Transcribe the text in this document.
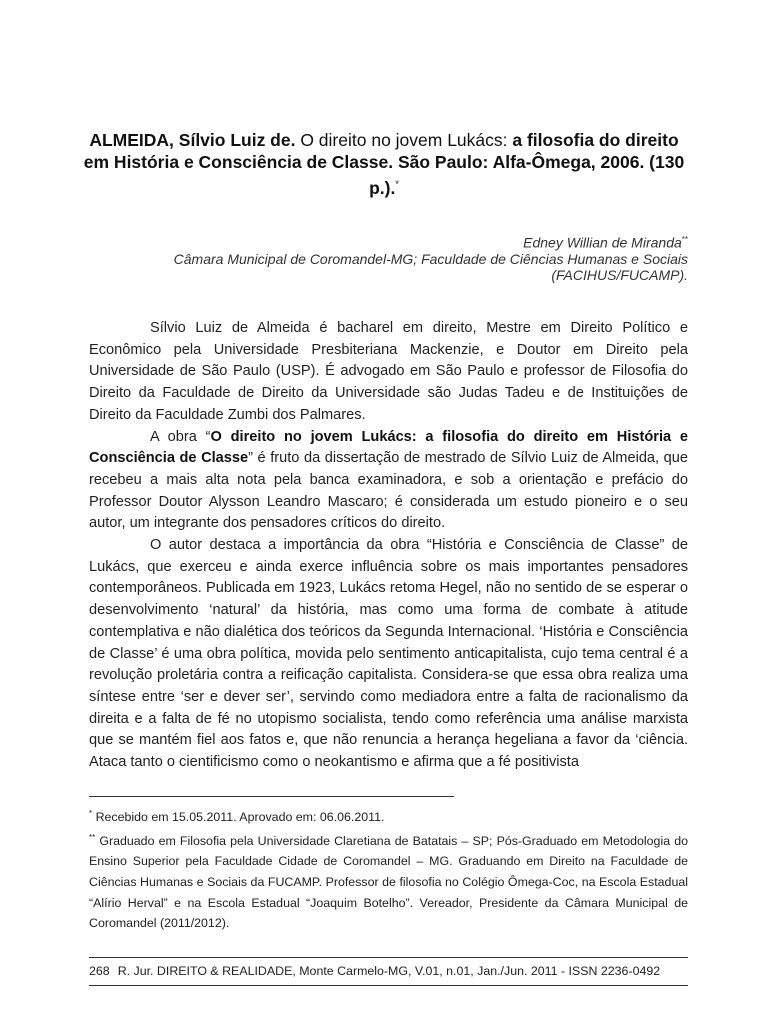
ALMEIDA, Sílvio Luiz de. O direito no jovem Lukács: a filosofia do direito em História e Consciência de Classe. São Paulo: Alfa-Ômega, 2006. (130 p.).*
Edney Willian de Miranda**
Câmara Municipal de Coromandel-MG; Faculdade de Ciências Humanas e Sociais (FACIHUS/FUCAMP).

Sílvio Luiz de Almeida é bacharel em direito, Mestre em Direito Político e Econômico pela Universidade Presbiteriana Mackenzie, e Doutor em Direito pela Universidade de São Paulo (USP). É advogado em São Paulo e professor de Filosofia do Direito da Faculdade de Direito da Universidade são Judas Tadeu e de Instituições de Direito da Faculdade Zumbi dos Palmares.

A obra “O direito no jovem Lukács: a filosofia do direito em História e Consciência de Classe” é fruto da dissertação de mestrado de Sílvio Luiz de Almeida, que recebeu a mais alta nota pela banca examinadora, e sob a orientação e prefácio do Professor Doutor Alysson Leandro Mascaro; é considerada um estudo pioneiro e o seu autor, um integrante dos pensadores críticos do direito.

O autor destaca a importância da obra “História e Consciência de Classe” de Lukács, que exerceu e ainda exerce influência sobre os mais importantes pensadores contemporâneos. Publicada em 1923, Lukács retoma Hegel, não no sentido de se esperar o desenvolvimento ‘natural’ da história, mas como uma forma de combate à atitude contemplativa e não dialética dos teóricos da Segunda Internacional. ‘História e Consciência de Classe’ é uma obra política, movida pelo sentimento anticapitalista, cujo tema central é a revolução proletária contra a reificação capitalista. Considera-se que essa obra realiza uma síntese entre ‘ser e dever ser’, servindo como mediadora entre a falta de racionalismo da direita e a falta de fé no utopismo socialista, tendo como referência uma análise marxista que se mantém fiel aos fatos e, que não renuncia a herança hegeliana a favor da ‘ciência. Ataca tanto o cientificismo como o neokantismo e afirma que a fé positivista

* Recebido em 15.05.2011. Aprovado em: 06.06.2011.

** Graduado em Filosofia pela Universidade Claretiana de Batatais – SP; Pós-Graduado em Metodologia do Ensino Superior pela Faculdade Cidade de Coromandel – MG. Graduando em Direito na Faculdade de Ciências Humanas e Sociais da FUCAMP. Professor de filosofia no Colégio Ômega-Coc, na Escola Estadual “Alírio Herval” e na Escola Estadual “Joaquim Botelho”. Vereador, Presidente da Câmara Municipal de Coromandel (2011/2012).

268 R. Jur. DIREITO & REALIDADE, Monte Carmelo-MG, V.01, n.01, Jan./Jun. 2011 - ISSN 2236-0492
